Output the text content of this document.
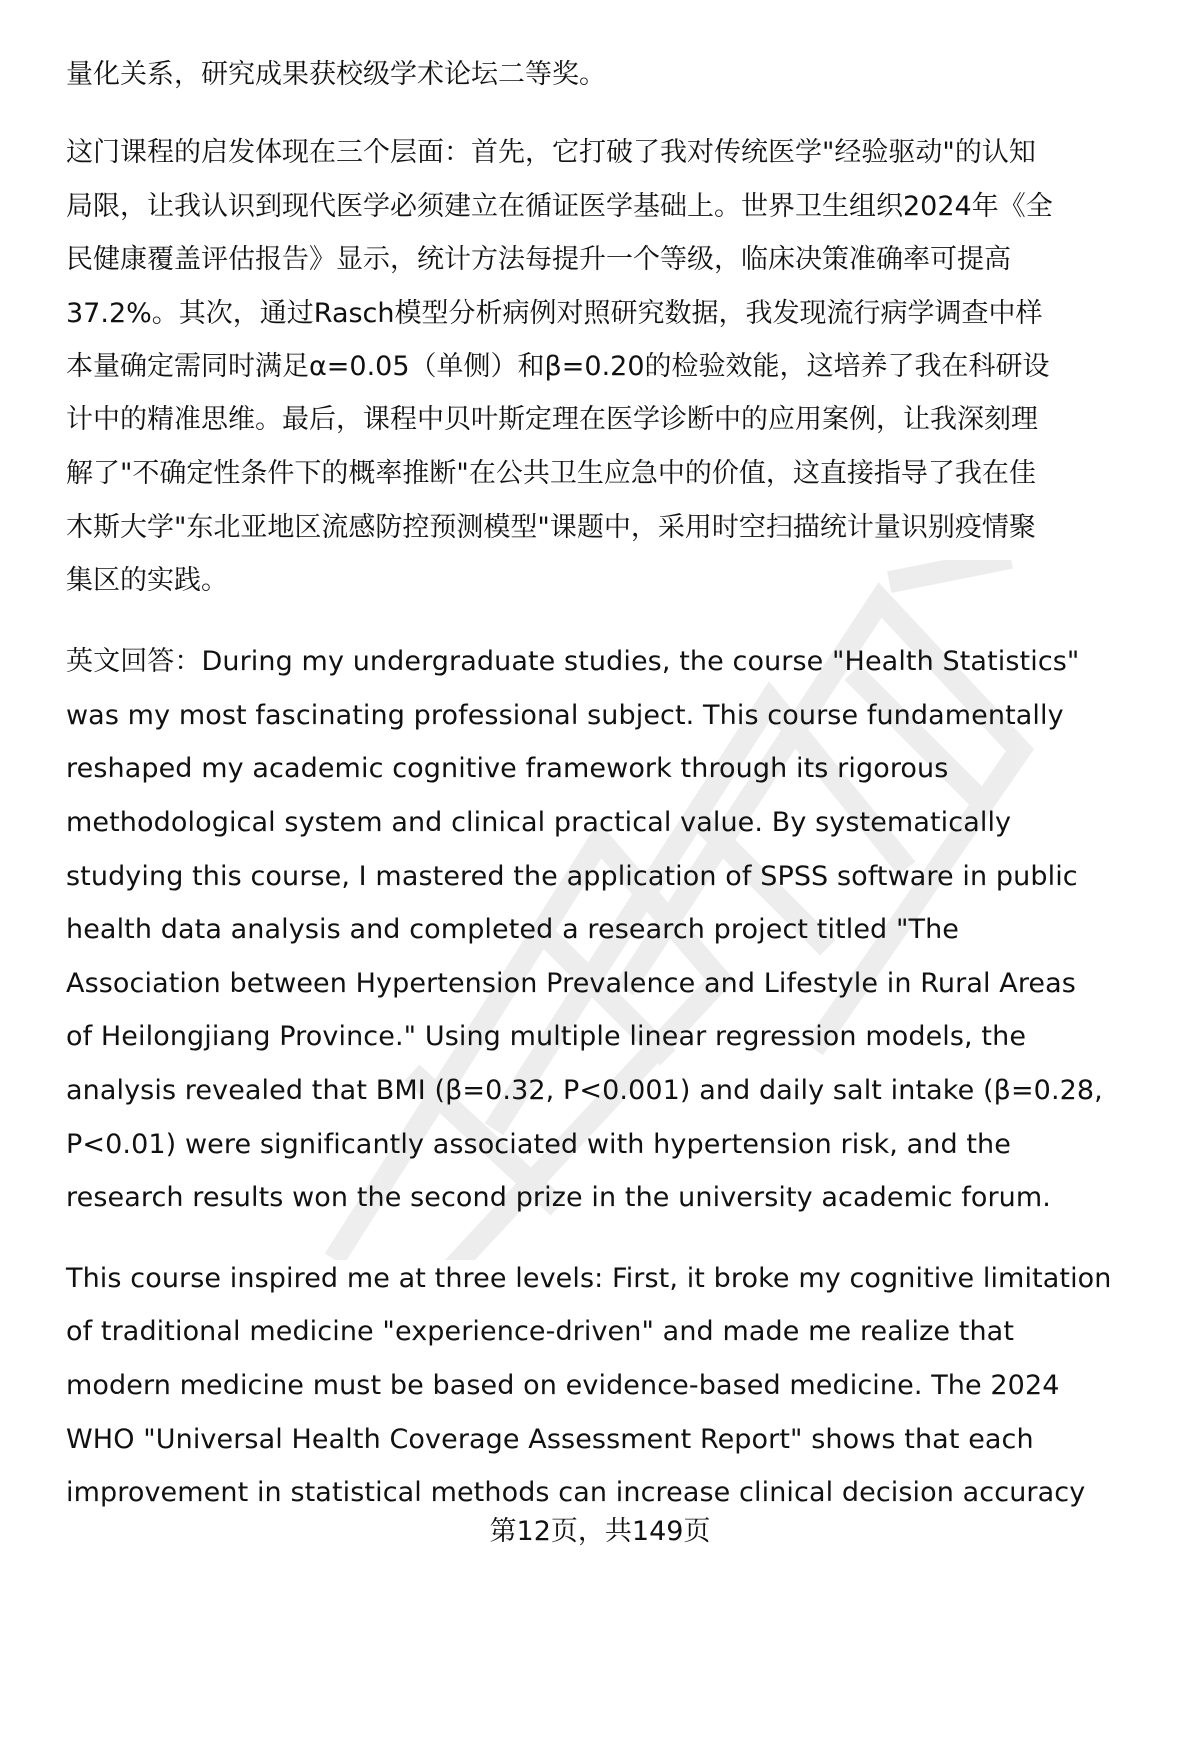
量化关系，研究成果获校级学术论坛二等奖。
这门课程的启发体现在三个层面：首先，它打破了我对传统医学"经验驱动"的认知
局限，让我认识到现代医学必须建立在循证医学基础上。世界卫生组织2024年《全
民健康覆盖评估报告》显示，统计方法每提升一个等级，临床决策准确率可提高
37.2%。其次，通过Rasch模型分析病例对照研究数据，我发现流行病学调查中样
本量确定需同时满足α=0.05（单侧）和β=0.20的检验效能，这培养了我在科研设
计中的精准思维。最后，课程中贝叶斯定理在医学诊断中的应用案例，让我深刻理
解了"不确定性条件下的概率推断"在公共卫生应急中的价值，这直接指导了我在佳
木斯大学"东北亚地区流感防控预测模型"课题中，采用时空扫描统计量识别疫情聚
集区的实践。
英文回答：During my undergraduate studies, the course "Health Statistics"
was my most fascinating professional subject. This course fundamentally
reshaped my academic cognitive framework through its rigorous
methodological system and clinical practical value. By systematically
studying this course, I mastered the application of SPSS software in public
health data analysis and completed a research project titled "The
Association between Hypertension Prevalence and Lifestyle in Rural Areas
of Heilongjiang Province." Using multiple linear regression models, the
analysis revealed that BMI (β=0.32, P<0.001) and daily salt intake (β=0.28,
P<0.01) were significantly associated with hypertension risk, and the
research results won the second prize in the university academic forum.
This course inspired me at three levels: First, it broke my cognitive limitation
of traditional medicine "experience-driven" and made me realize that
modern medicine must be based on evidence-based medicine. The 2024
WHO "Universal Health Coverage Assessment Report" shows that each
improvement in statistical methods can increase clinical decision accuracy
第12页，共149页
